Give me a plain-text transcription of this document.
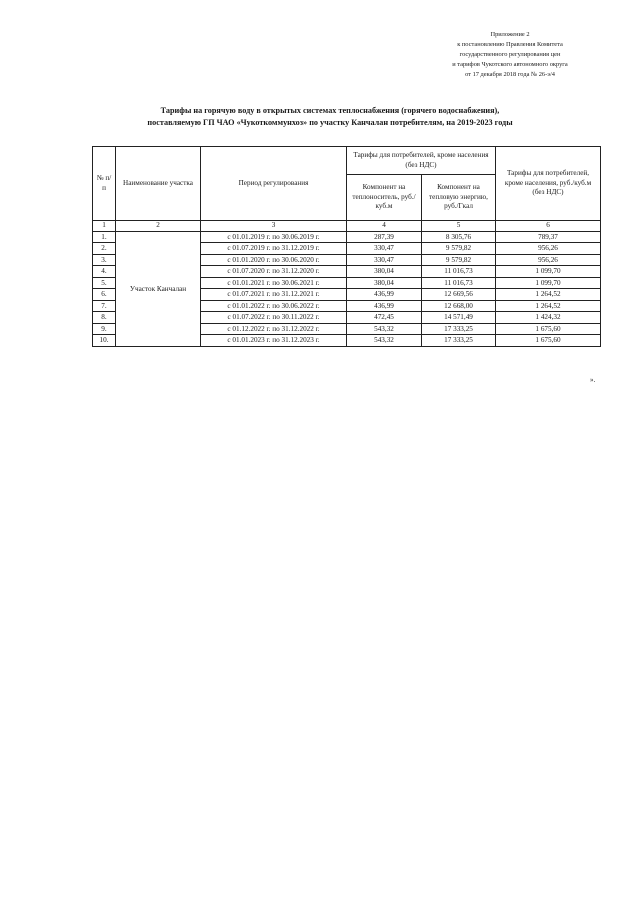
Приложение 2
к постановлению Правления Комитета
государственного регулирования цен
и тарифов Чукотского автономного округа
от 17 декабря 2018 года № 26-э/4
Тарифы на горячую воду в открытых системах теплоснабжения (горячего водоснабжения),
поставляемую ГП ЧАО «Чукоткоммунхоз» по участку Канчалан потребителям, на 2019-2023 годы
№ п/п	Наименование участка	Период регулирования	Тарифы для потребителей, кроме населения (без НДС)		Тарифы для потребителей, кроме населения, руб./куб.м (без НДС)
			Компонент на теплоноситель, руб./куб.м	Компонент на тепловую энергию, руб./Гкал	
1	2	3	4	5	6
1.	Участок Канчалан	с 01.01.2019 г. по 30.06.2019 г.	287,39	8 305,76	789,37
2.		с 01.07.2019 г. по 31.12.2019 г.	330,47	9 579,82	956,26
3.		с 01.01.2020 г. по 30.06.2020 г.	330,47	9 579,82	956,26
4.		с 01.07.2020 г. по 31.12.2020 г.	380,04	11 016,73	1 099,70
5.		с 01.01.2021 г. по 30.06.2021 г.	380,04	11 016,73	1 099,70
6.		с 01.07.2021 г. по 31.12.2021 г.	436,99	12 669,56	1 264,52
7.		с 01.01.2022 г. по 30.06.2022 г.	436,99	12 668,00	1 264,52
8.		с 01.07.2022 г. по 30.11.2022 г.	472,45	14 571,49	1 424,32
9.		с 01.12.2022 г. по 31.12.2022 г.	543,32	17 333,25	1 675,60
10.		с 01.01.2023 г. по 31.12.2023 г.	543,32	17 333,25	1 675,60
».
